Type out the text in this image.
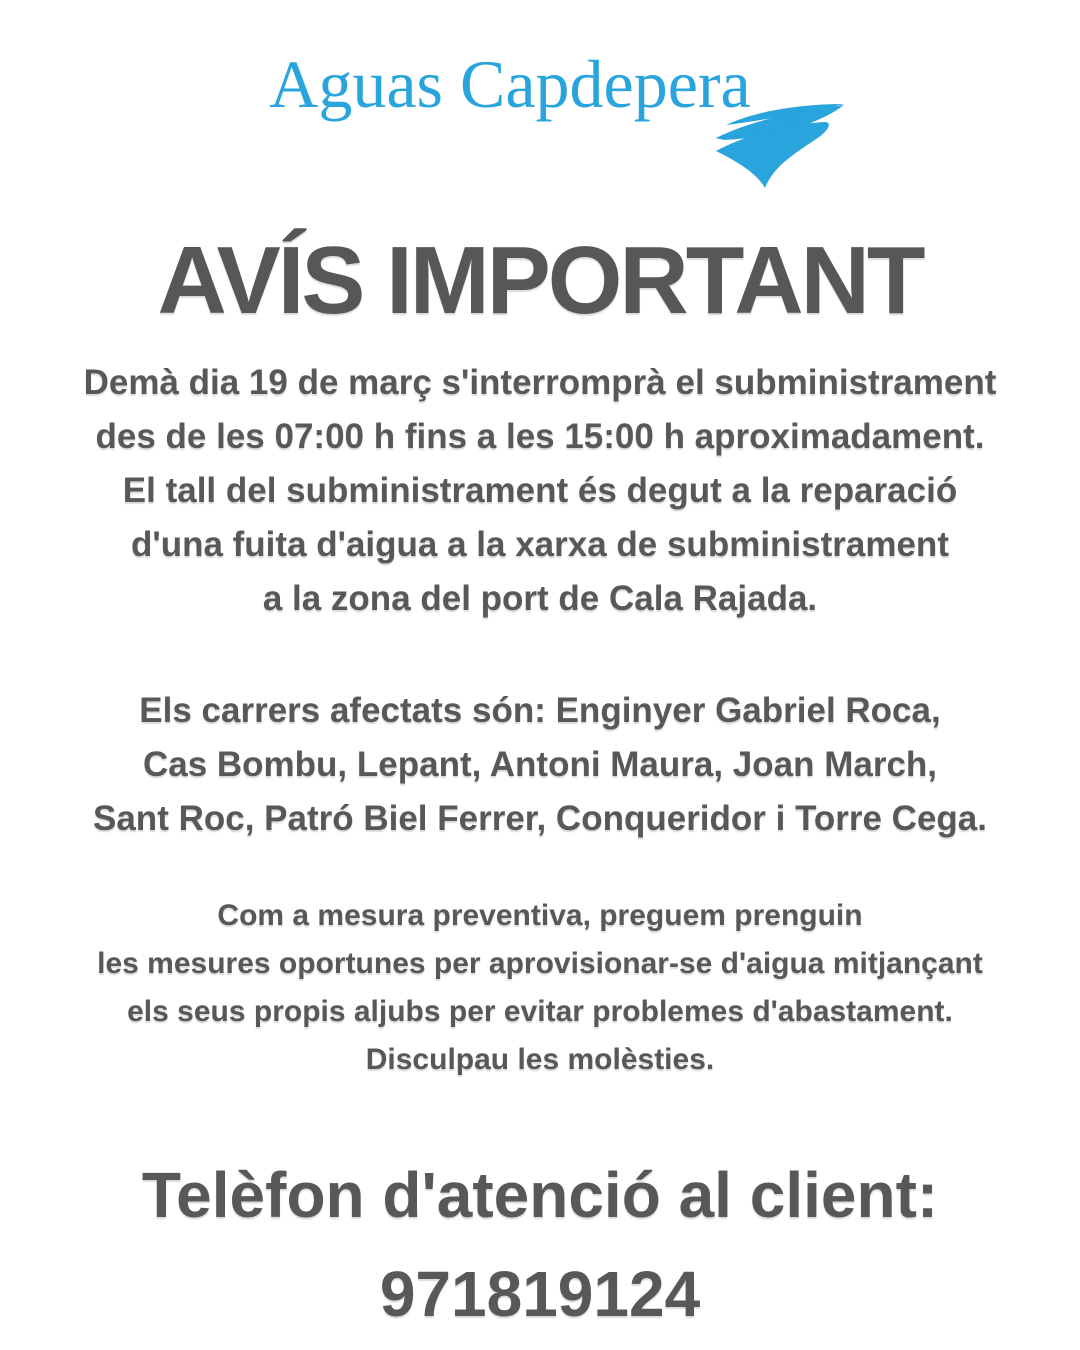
Aguas Capdepera
AVÍS IMPORTANT

Demà dia 19 de març s'interromprà el subministrament

des de les 07:00 h fins a les 15:00 h aproximadament.

El tall del subministrament és degut a la reparació

d'una fuita d'aigua a la xarxa de subministrament

a la zona del port de Cala Rajada.

Els carrers afectats són: Enginyer Gabriel Roca,

Cas Bombu, Lepant, Antoni Maura, Joan March,

Sant Roc, Patró Biel Ferrer, Conqueridor i Torre Cega.

Com a mesura preventiva, preguem prenguin

les mesures oportunes per aprovisionar-se d'aigua mitjançant

els seus propis aljubs per evitar problemes d'abastament.

Disculpau les molèsties.

Telèfon d'atenció al client:
971819124
